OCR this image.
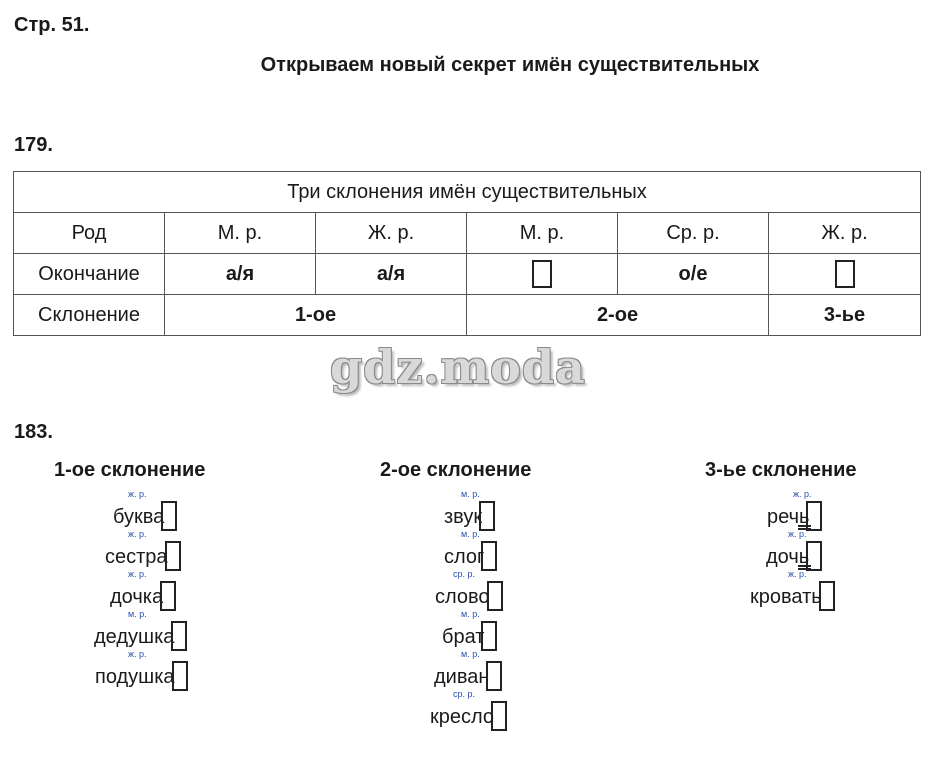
Стр. 51.
Открываем новый секрет имён существительных
179.
Три склонения имён существительных					
Род	М. р.	Ж. р.	М. р.	Ср. р.	Ж. р.
Окончание	а/я	а/я		о/е	
Склонение	1-ое		2-ое		3-ье
gdz.moda
183.
1-ое склонение	2-ое склонение	3-ье склонение
ж. р.
буква
ж. р.
сестра
ж. р.
дочка
м. р.
дедушка
ж. р.
подушка
м. р.
звук
м. р.
слог
ср. р.
слово
м. р.
брат
м. р.
диван
ср. р.
кресло
ж. р.
речь
ж. р.
дочь
ж. р.
кровать
